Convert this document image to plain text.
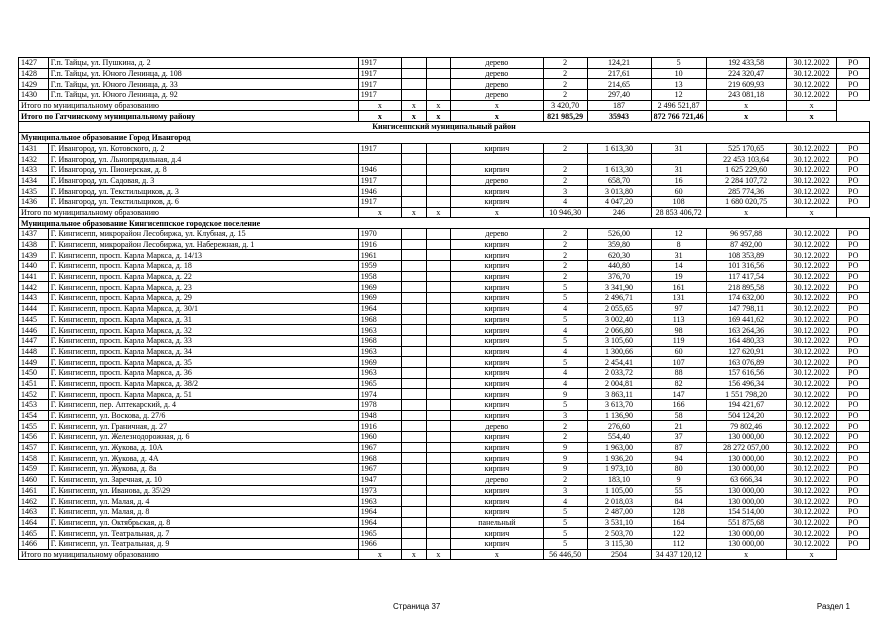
1427	Г.п. Тайцы, ул. Пушкина, д. 2	1917			дерево	2	124,21	5	192 433,58	30.12.2022	РО
1428	Г.п. Тайцы, ул. Юного Ленинца, д. 108	1917			дерево	2	217,61	10	224 320,47	30.12.2022	РО
1429	Г.п. Тайцы, ул. Юного Ленинца, д. 33	1917			дерево	2	214,65	13	219 609,93	30.12.2022	РО
1430	Г.п. Тайцы, ул. Юного Ленинца, д. 92	1917			дерево	2	297,40	12	243 081,18	30.12.2022	РО
Итого по муниципальному образованию		х	х	х	х	3 420,70	187	2 496 521,87	х	х	
Итого по Гатчинскому муниципальному району		х	х	х	х	821 985,29	35943	872 766 721,46	х	х	
Кингисеппский муниципальный район											
Муниципальное образование Город Ивангород											
1431	Г. Ивангород, ул. Котовского, д. 2	1917			кирпич	2	1 613,30	31	525 170,65	30.12.2022	РО
1432	Г. Ивангород, ул. Льнопрядильная, д.4								22 453 103,64	30.12.2022	РО
1433	Г. Ивангород, ул. Пионерская, д. 8	1946			кирпич	2	1 613,30	31	1 625 229,60	30.12.2022	РО
1434	Г. Ивангород, ул. Садовая, д. 3	1917			дерево	2	658,70	16	2 284 107,72	30.12.2022	РО
1435	Г. Ивангород, ул. Текстильщиков, д. 3	1946			кирпич	3	3 013,80	60	285 774,36	30.12.2022	РО
1436	Г. Ивангород, ул. Текстильщиков, д. 6	1917			кирпич	4	4 047,20	108	1 680 020,75	30.12.2022	РО
Итого по муниципальному образованию		х	х	х	х	10 946,30	246	28 853 406,72	х	х	
Муниципальное образование Кингисеппское городское поселение											
1437	Г. Кингисепп, микрорайон Лесобиржа, ул. Клубная, д. 15	1970			дерево	2	526,00	12	96 957,88	30.12.2022	РО
1438	Г. Кингисепп, микрорайон Лесобиржа, ул. Набережная, д. 1	1916			кирпич	2	359,80	8	87 492,00	30.12.2022	РО
1439	Г. Кингисепп, просп. Карла Маркса, д. 14/13	1961			кирпич	2	620,30	31	108 353,89	30.12.2022	РО
1440	Г. Кингисепп, просп. Карла Маркса, д. 18	1959			кирпич	2	440,80	14	101 316,56	30.12.2022	РО
1441	Г. Кингисепп, просп. Карла Маркса, д. 22	1958			кирпич	2	376,70	19	117 417,54	30.12.2022	РО
1442	Г. Кингисепп, просп. Карла Маркса, д. 23	1969			кирпич	5	3 341,90	161	218 895,58	30.12.2022	РО
1443	Г. Кингисепп, просп. Карла Маркса, д. 29	1969			кирпич	5	2 496,71	131	174 632,00	30.12.2022	РО
1444	Г. Кингисепп, просп. Карла Маркса, д. 30/1	1964			кирпич	4	2 055,65	97	147 798,11	30.12.2022	РО
1445	Г. Кингисепп, просп. Карла Маркса, д. 31	1968			кирпич	5	3 002,40	113	169 441,62	30.12.2022	РО
1446	Г. Кингисепп, просп. Карла Маркса, д. 32	1963			кирпич	4	2 066,80	98	163 264,36	30.12.2022	РО
1447	Г. Кингисепп, просп. Карла Маркса, д. 33	1968			кирпич	5	3 105,60	119	164 480,33	30.12.2022	РО
1448	Г. Кингисепп, просп. Карла Маркса, д. 34	1963			кирпич	4	1 300,66	60	127 620,91	30.12.2022	РО
1449	Г. Кингисепп, просп. Карла Маркса, д. 35	1969			кирпич	5	2 454,41	107	163 076,89	30.12.2022	РО
1450	Г. Кингисепп, просп. Карла Маркса, д. 36	1963			кирпич	4	2 033,72	88	157 616,56	30.12.2022	РО
1451	Г. Кингисепп, просп. Карла Маркса, д. 38/2	1965			кирпич	4	2 004,81	82	156 496,34	30.12.2022	РО
1452	Г. Кингисепп, просп. Карла Маркса, д. 51	1974			кирпич	9	3 863,11	147	1 551 798,20	30.12.2022	РО
1453	Г. Кингисепп, пер. Аптекарский, д. 4	1978			кирпич	5	3 613,70	166	194 421,67	30.12.2022	РО
1454	Г. Кингисепп, ул. Воскова, д. 27/6	1948			кирпич	3	1 136,90	58	504 124,20	30.12.2022	РО
1455	Г. Кингисепп, ул. Граничная, д. 27	1916			дерево	2	276,60	21	79 802,46	30.12.2022	РО
1456	Г. Кингисепп, ул. Железнодорожная, д. 6	1960			кирпич	2	554,40	37	130 000,00	30.12.2022	РО
1457	Г. Кингисепп, ул. Жукова, д. 10А	1967			кирпич	9	1 963,00	87	28 272 057,00	30.12.2022	РО
1458	Г. Кингисепп, ул. Жукова, д. 4А	1968			кирпич	9	1 936,20	94	130 000,00	30.12.2022	РО
1459	Г. Кингисепп, ул. Жукова, д. 8а	1967			кирпич	9	1 973,10	80	130 000,00	30.12.2022	РО
1460	Г. Кингисепп, ул. Заречная, д. 10	1947			дерево	2	183,10	9	63 666,34	30.12.2022	РО
1461	Г. Кингисепп, ул. Иванова, д. 35\29	1973			кирпич	3	1 105,00	55	130 000,00	30.12.2022	РО
1462	Г. Кингисепп, ул. Малая, д. 4	1963			кирпич	4	2 018,03	84	130 000,00	30.12.2022	РО
1463	Г. Кингисепп, ул. Малая, д. 8	1964			кирпич	5	2 487,00	128	154 514,00	30.12.2022	РО
1464	Г. Кингисепп, ул. Октябрьская, д. 8	1964			панельный	5	3 531,10	164	551 875,68	30.12.2022	РО
1465	Г. Кингисепп, ул. Театральная, д. 7	1965			кирпич	5	2 503,70	122	130 000,00	30.12.2022	РО
1466	Г. Кингисепп, ул. Театральная, д. 9	1966			кирпич	5	3 115,30	112	130 000,00	30.12.2022	РО
Итого по муниципальному образованию		х	х	х	х	56 446,50	2504	34 437 120,12	х	х	
Страница 37	Раздел 1
